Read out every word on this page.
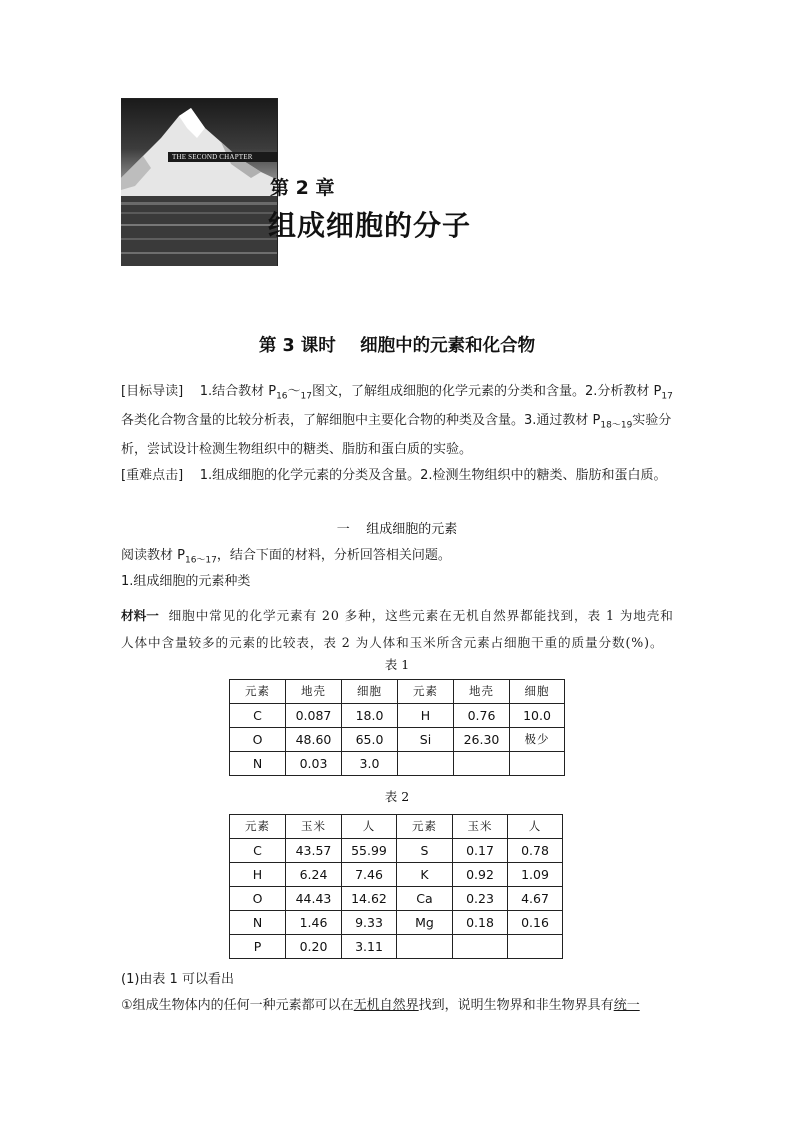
THE SECOND CHAPTER
第 2 章
组成细胞的分子
第 3 课时    细胞中的元素和化合物
[目标导读] 1.结合教材 $P_{16}\sim_{17}$图文，了解组成细胞的化学元素的分类和含量。2.分析教材 $P_{17}$各类化合物含量的比较分析表，了解细胞中主要化合物的种类及含量。3.通过教材 $P_{18\sim 19}$实验分析，尝试设计检测生物组织中的糖类、脂肪和蛋白质的实验。
[重难点击] 1.组成细胞的化学元素的分类及含量。2.检测生物组织中的糖类、脂肪和蛋白质。
一    组成细胞的元素
阅读教材 $P_{16\sim 17}$，结合下面的材料，分析回答相关问题。
1.组成细胞的元素种类
材料一 细胞中常见的化学元素有 20 多种，这些元素在无机自然界都能找到，表 1 为地壳和人体中含量较多的元素的比较表，表 2 为人体和玉米所含元素占细胞干重的质量分数(%)。
表 1
元素	地壳	细胞	元素	地壳	细胞
C	0.087	18.0	H	0.76	10.0
O	48.60	65.0	Si	26.30	极少
N	0.03	3.0			
表 2
元素	玉米	人	元素	玉米	人
C	43.57	55.99	S	0.17	0.78
H	6.24	7.46	K	0.92	1.09
O	44.43	14.62	Ca	0.23	4.67
N	1.46	9.33	Mg	0.18	0.16
P	0.20	3.11			
(1)由表 1 可以看出
①组成生物体内的任何一种元素都可以在无机自然界找到，说明生物界和非生物界具有统一
